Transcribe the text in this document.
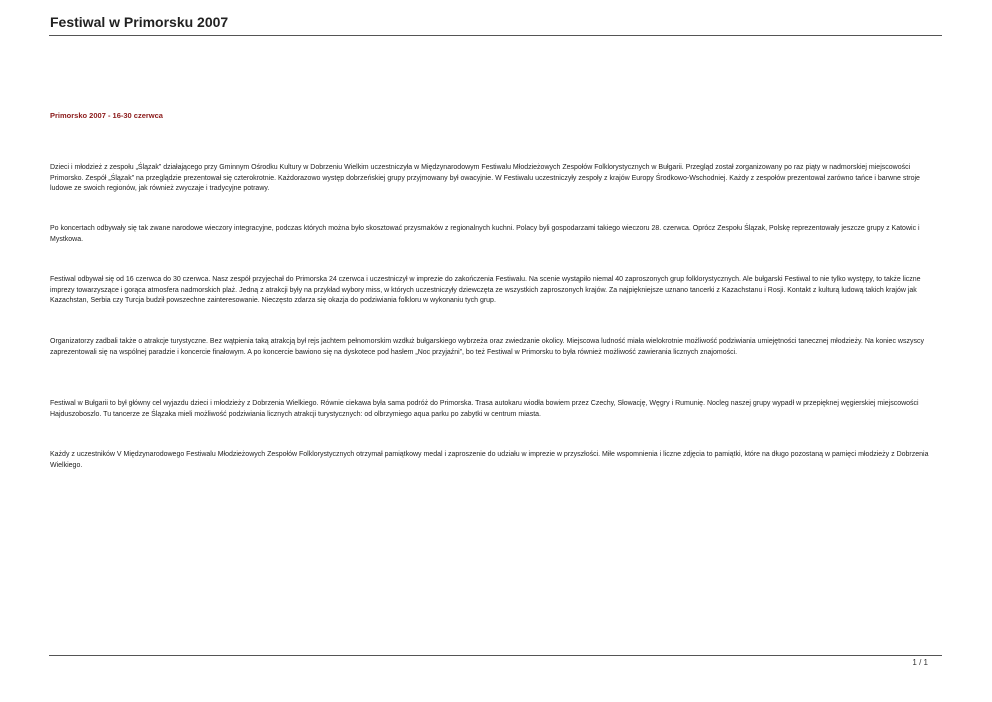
Festiwal w Primorsku 2007

Primorsko 2007 - 16-30 czerwca

Dzieci i młodzież z zespołu „Ślązak” działającego przy Gminnym Ośrodku Kultury w Dobrzeniu Wielkim uczestniczyła w Międzynarodowym Festiwalu Młodzieżowych Zespołów Folklorystycznych w Bułgarii. Przegląd został zorganizowany po raz piąty w nadmorskiej miejscowości Primorsko. Zespół „Ślązak” na przeglądzie prezentował się czterokrotnie. Każdorazowo występ dobrzeńskiej grupy przyjmowany był owacyjnie. W Festiwalu uczestniczyły zespoły z krajów Europy Środkowo-Wschodniej. Każdy z zespołów prezentował zarówno tańce i barwne stroje ludowe ze swoich regionów, jak również zwyczaje i tradycyjne potrawy.

Po koncertach odbywały się tak zwane narodowe wieczory integracyjne, podczas których można było skosztować przysmaków z regionalnych kuchni. Polacy byli gospodarzami takiego wieczoru 28. czerwca. Oprócz Zespołu Ślązak, Polskę reprezentowały jeszcze grupy z Katowic i Mystkowa.

Festiwal odbywał się od 16 czerwca do 30 czerwca. Nasz zespół przyjechał do Primorska 24 czerwca i uczestniczył w imprezie do zakończenia Festiwalu. Na scenie wystąpiło niemal 40 zaproszonych grup folklorystycznych. Ale bułgarski Festiwal to nie tylko występy, to także liczne imprezy towarzyszące i gorąca atmosfera nadmorskich plaż. Jedną z atrakcji były na przykład wybory miss, w których uczestniczyły dziewczęta ze wszystkich zaproszonych krajów. Za najpiękniejsze uznano tancerki z Kazachstanu i Rosji. Kontakt z kulturą ludową takich krajów jak Kazachstan, Serbia czy Turcja budził powszechne zainteresowanie. Nieczęsto zdarza się okazja do podziwiania folkloru w wykonaniu tych grup.

Organizatorzy zadbali także o atrakcje turystyczne. Bez wątpienia taką atrakcją był rejs jachtem pełnomorskim wzdłuż bułgarskiego wybrzeża oraz zwiedzanie okolicy. Miejscowa ludność miała wielokrotnie możliwość podziwiania umiejętności tanecznej młodzieży. Na koniec wszyscy zaprezentowali się na wspólnej paradzie i koncercie finałowym. A po koncercie bawiono się na dyskotece pod hasłem „Noc przyjaźni”, bo też Festiwal w Primorsku to była również możliwość zawierania licznych znajomości.

Festiwal w Bułgarii to był główny cel wyjazdu dzieci i młodzieży z Dobrzenia Wielkiego. Równie ciekawa była sama podróż do Primorska. Trasa autokaru wiodła bowiem przez Czechy, Słowację, Węgry i Rumunię. Nocleg naszej grupy wypadł w przepięknej węgierskiej miejscowości Hajduszoboszlo. Tu tancerze ze Ślązaka mieli możliwość podziwiania licznych atrakcji turystycznych: od olbrzymiego aqua parku po zabytki w centrum miasta.

Każdy z uczestników V Międzynarodowego Festiwalu Młodzieżowych Zespołów Folklorystycznych otrzymał pamiątkowy medal i zaproszenie do udziału w imprezie w przyszłości. Miłe wspomnienia i liczne zdjęcia to pamiątki, które na długo pozostaną w pamięci młodzieży z Dobrzenia Wielkiego.

1 / 1
